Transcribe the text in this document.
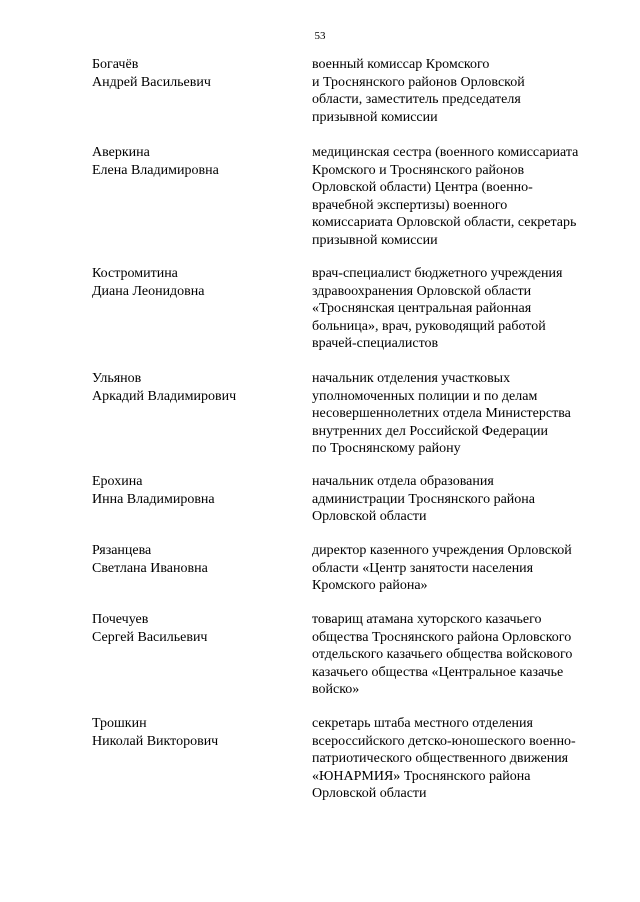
53
Богачёв
Андрей Васильевич
военный комиссар Кромского
и Троснянского районов Орловской
области, заместитель председателя
призывной комиссии
Аверкина
Елена Владимировна
медицинская сестра (военного комиссариата
Кромского и Троснянского районов
Орловской области) Центра (военно-
врачебной экспертизы) военного
комиссариата Орловской области, секретарь
призывной комиссии
Костромитина
Диана Леонидовна
врач-специалист бюджетного учреждения
здравоохранения Орловской области
«Троснянская центральная районная
больница», врач, руководящий работой
врачей-специалистов
Ульянов
Аркадий Владимирович
начальник отделения участковых
уполномоченных полиции и по делам
несовершеннолетних отдела Министерства
внутренних дел Российской Федерации
по Троснянскому району
Ерохина
Инна Владимировна
начальник отдела образования
администрации Троснянского района
Орловской области
Рязанцева
Светлана Ивановна
директор казенного учреждения Орловской
области «Центр занятости населения
Кромского района»
Почечуев
Сергей Васильевич
товарищ атамана хуторского казачьего
общества Троснянского района Орловского
отдельского казачьего общества войскового
казачьего общества «Центральное казачье
войско»
Трошкин
Николай Викторович
секретарь штаба местного отделения
всероссийского детско-юношеского военно-
патриотического общественного движения
«ЮНАРМИЯ» Троснянского района
Орловской области
